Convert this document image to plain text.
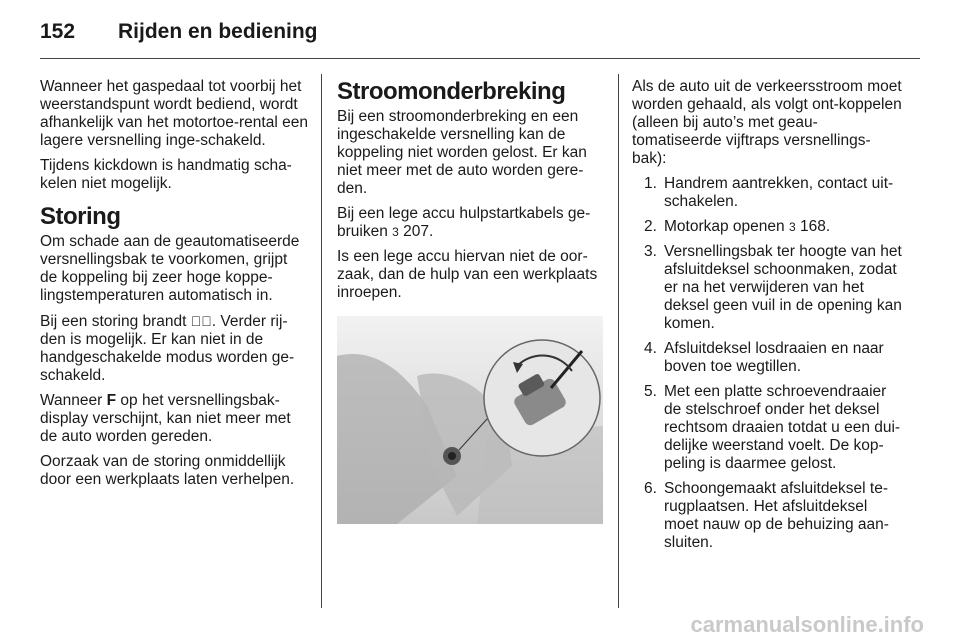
152 Rijden en bediening

Wanneer het gaspedaal tot voorbij het weerstandspunt wordt bediend, wordt afhankelijk van het motortoe-rental een lagere versnelling inge-schakeld.

Tijdens kickdown is handmatig scha-kelen niet mogelijk.

Storing

Om schade aan de geautomatiseerde versnellingsbak te voorkomen, grijpt de koppeling bij zeer hoge koppe-lingstemperaturen automatisch in.

Bij een storing brandt ⊲⃝. Verder rij-den is mogelijk. Er kan niet in de handgeschakelde modus worden ge-schakeld.

Wanneer F op het versnellingsbak-display verschijnt, kan niet meer met de auto worden gereden.

Oorzaak van de storing onmiddellijk door een werkplaats laten verhelpen.

Stroomonderbreking

Bij een stroomonderbreking en een ingeschakelde versnelling kan de koppeling niet worden gelost. Er kan niet meer met de auto worden gere-den.

Bij een lege accu hulpstartkabels ge-bruiken 3 207.

Is een lege accu hiervan niet de oor-zaak, dan de hulp van een werkplaats inroepen.

Als de auto uit de verkeersstroom moet worden gehaald, als volgt ont-koppelen (alleen bij auto’s met geau-tomatiseerde vijftraps versnellings-bak):

1. Handrem aantrekken, contact uit-schakelen.
2. Motorkap openen 3 168.
3. Versnellingsbak ter hoogte van het afsluitdeksel schoonmaken, zodat er na het verwijderen van het deksel geen vuil in de opening kan komen.
4. Afsluitdeksel losdraaien en naar boven toe wegtillen.
5. Met een platte schroevendraaier de stelschroef onder het deksel rechtsom draaien totdat u een dui-delijke weerstand voelt. De kop-peling is daarmee gelost.
6. Schoongemaakt afsluitdeksel te-rugplaatsen. Het afsluitdeksel moet nauw op de behuizing aan-sluiten.
carmanualsonline.info
